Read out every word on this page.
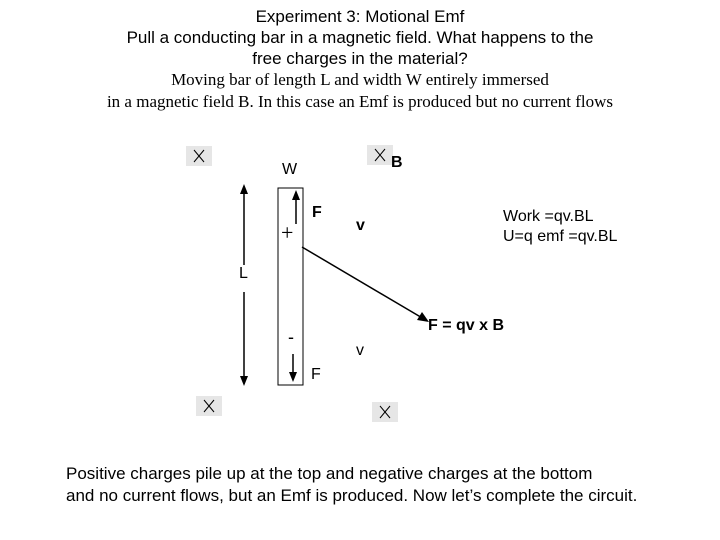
Experiment 3: Motional Emf
Pull a conducting bar in a magnetic field. What happens to the
free charges in the material?
Moving bar of length L and width W entirely immersed
in a magnetic field B. In this case an Emf is produced but no current flows
W	B
L
F
F
v
v
+
-
F = qv x B
Work =qv.BL
U=q emf =qv.BL
Positive charges pile up at the top and negative charges at the bottom
and no current flows, but an Emf is produced. Now let’s complete the circuit.
